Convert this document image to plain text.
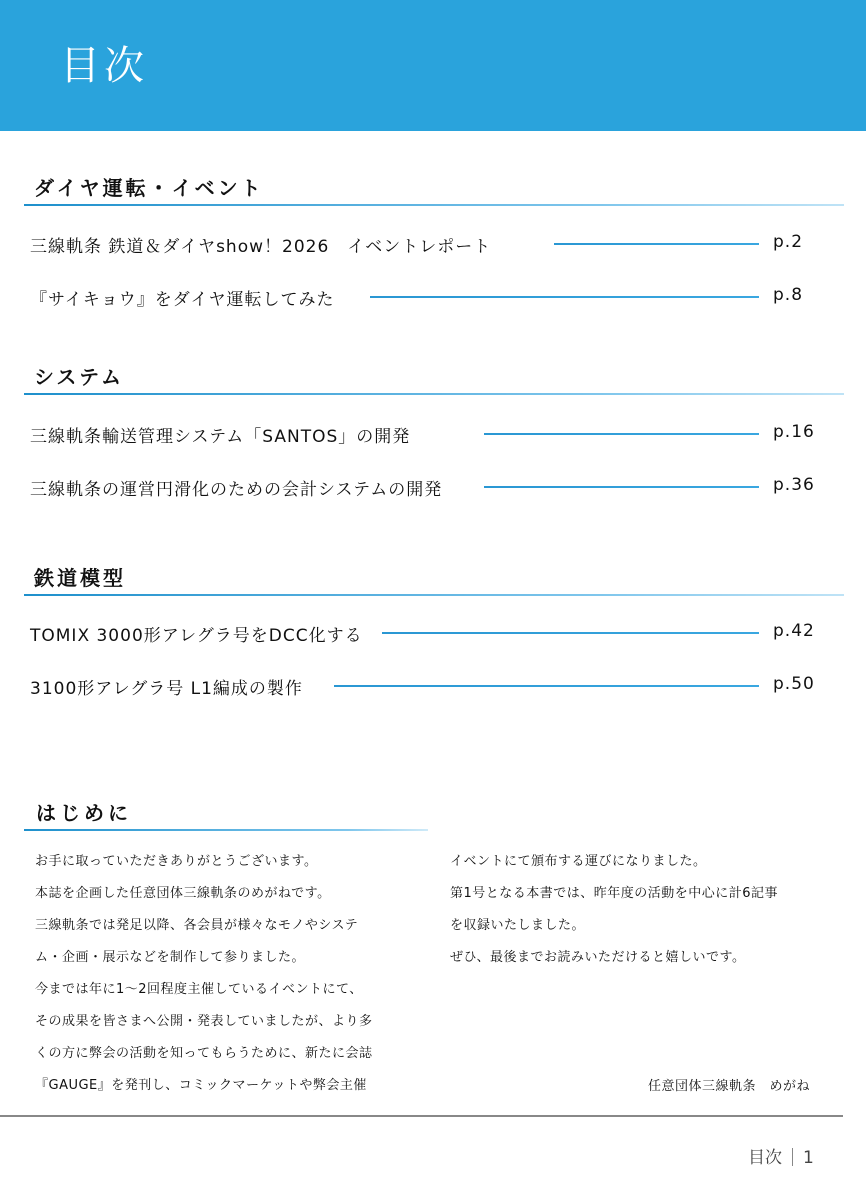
目次
ダイヤ運転・イベント
三線軌条 鉄道＆ダイヤshow！2026　イベントレポート	p.2
『サイキョウ』をダイヤ運転してみた	p.8
システム
三線軌条輸送管理システム「SANTOS」の開発	p.16
三線軌条の運営円滑化のための会計システムの開発	p.36
鉄道模型
TOMIX 3000形アレグラ号をDCC化する	p.42
3100形アレグラ号 L1編成の製作	p.50
はじめに
お手に取っていただきありがとうございます。
本誌を企画した任意団体三線軌条のめがねです。
三線軌条では発足以降、各会員が様々なモノやシステ
ム・企画・展示などを制作して参りました。
今までは年に1〜2回程度主催しているイベントにて、
その成果を皆さまへ公開・発表していましたが、より多
くの方に弊会の活動を知ってもらうために、新たに会誌
『GAUGE』を発刊し、コミックマーケットや弊会主催
イベントにて頒布する運びになりました。
第1号となる本書では、昨年度の活動を中心に計6記事
を収録いたしました。
ぜひ、最後までお読みいただけると嬉しいです。
任意団体三線軌条　めがね
目次 1
